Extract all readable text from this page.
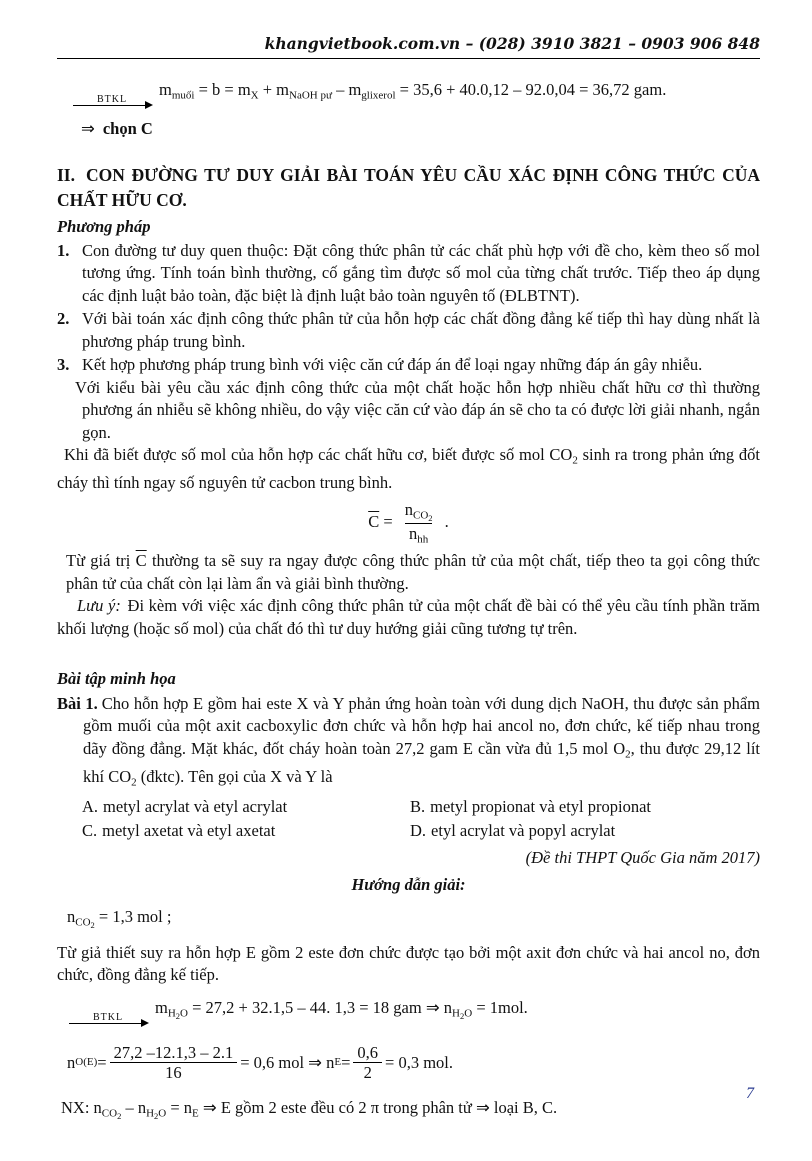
khangvietbook.com.vn – (028) 3910 3821 – 0903 906 848
BTKL
$m_{muối} = b = m_X + m_{NaOH pư} - m_{glixerol} = 35,6 + 40.0,12 - 92.0,04 = 36,72$ gam.

⇒ chọn C

II. CON ĐƯỜNG TƯ DUY GIẢI BÀI TOÁN YÊU CẦU XÁC ĐỊNH CÔNG THỨC CỦA CHẤT HỮU CƠ.

Phương pháp

1. Con đường tư duy quen thuộc: Đặt công thức phân tử các chất phù hợp với đề cho, kèm theo số mol tương ứng. Tính toán bình thường, cố gắng tìm được số mol của từng chất trước. Tiếp theo áp dụng các định luật bảo toàn, đặc biệt là định luật bảo toàn nguyên tố (ĐLBTNT).
2. Với bài toán xác định công thức phân tử của hỗn hợp các chất đồng đẳng kế tiếp thì hay dùng nhất là phương pháp trung bình.
3. Kết hợp phương pháp trung bình với việc căn cứ đáp án để loại ngay những đáp án gây nhiễu.

Với kiểu bài yêu cầu xác định công thức của một chất hoặc hỗn hợp nhiều chất hữu cơ thì thường phương án nhiễu sẽ không nhiều, do vậy việc căn cứ vào đáp án sẽ cho ta có được lời giải nhanh, ngắn gọn.

Khi đã biết được số mol của hỗn hợp các chất hữu cơ, biết được số mol $CO_2$ sinh ra trong phản ứng đốt cháy thì tính ngay số nguyên tử cacbon trung bình.

$\overline{C} = \frac{n_{CO2}}{n_{hh}}$ .

Từ giá trị $\overline{C}$ thường ta sẽ suy ra ngay được công thức phân tử của một chất, tiếp theo ta gọi công thức phân tử của chất còn lại làm ẩn và giải bình thường.

Lưu ý: Đi kèm với việc xác định công thức phân tử của một chất đề bài có thể yêu cầu tính phần trăm khối lượng (hoặc số mol) của chất đó thì tư duy hướng giải cũng tương tự trên.

Bài tập minh họa

Bài 1. Cho hỗn hợp E gồm hai este X và Y phản ứng hoàn toàn với dung dịch NaOH, thu được sản phẩm gồm muối của một axit cacboxylic đơn chức và hỗn hợp hai ancol no, đơn chức, kế tiếp nhau trong dãy đồng đẳng. Mặt khác, đốt cháy hoàn toàn 27,2 gam E cần vừa đủ 1,5 mol $O_2$, thu được 29,12 lít khí $CO_2$ (đktc). Tên gọi của X và Y là

A. metyl acrylat và etyl acrylat	B. metyl propionat và etyl propionat
C. metyl axetat và etyl axetat	D. etyl acrylat và popyl acrylat

(Đề thi THPT Quốc Gia năm 2017)

Hướng dẫn giải:

$n_{CO2} = 1,3$ mol ;

Từ giả thiết suy ra hỗn hợp E gồm 2 este đơn chức được tạo bởi một axit đơn chức và hai ancol no, đơn chức, đồng đẳng kế tiếp.

BTKL
$m_{H2O} = 27,2 + 32.1,5 - 44$. 1,3 = 18 gam ⇒ $n_{H2O} = 1mol$.
n $O(E) = \frac{27,2 -12.1,3 - 2.1}{16} = 0,6$ mol ⇒ n $E = \frac{0,6}{2} = 0,3$ mol.
NX: $n_{CO2} - n_{H2O} = n_E$ ⇒ E gồm 2 este đều có 2 π trong phân tử ⇒ loại B, C.
7
